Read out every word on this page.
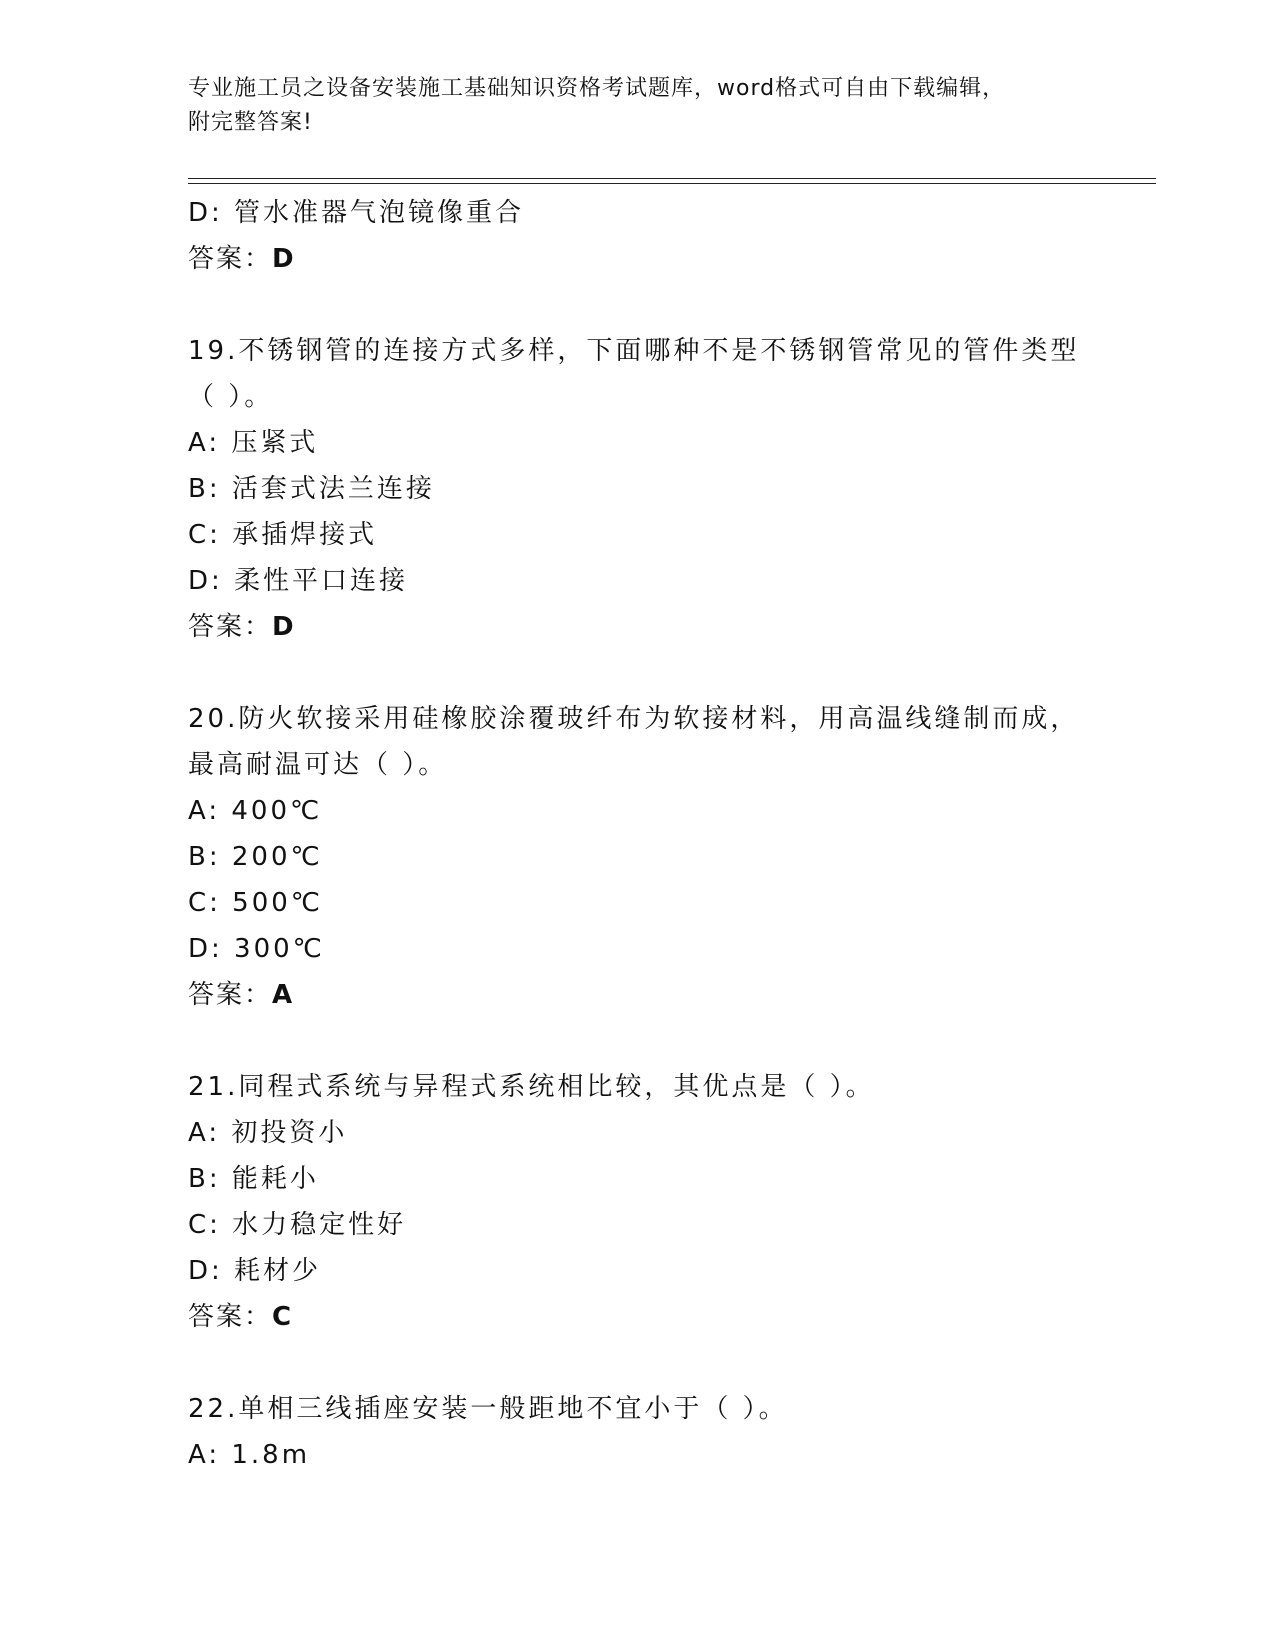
专业施工员之设备安装施工基础知识资格考试题库，word格式可自由下载编辑，
附完整答案!
D: 管水准器气泡镜像重合
答案：D
19.不锈钢管的连接方式多样，下面哪种不是不锈钢管常见的管件类型
（ ）。
A: 压紧式
B: 活套式法兰连接
C: 承插焊接式
D: 柔性平口连接
答案：D
20.防火软接采用硅橡胶涂覆玻纤布为软接材料，用高温线缝制而成，
最高耐温可达（ ）。
A: 400℃
B: 200℃
C: 500℃
D: 300℃
答案：A
21.同程式系统与异程式系统相比较，其优点是（ ）。
A: 初投资小
B: 能耗小
C: 水力稳定性好
D: 耗材少
答案：C
22.单相三线插座安装一般距地不宜小于（ ）。
A: 1.8m
